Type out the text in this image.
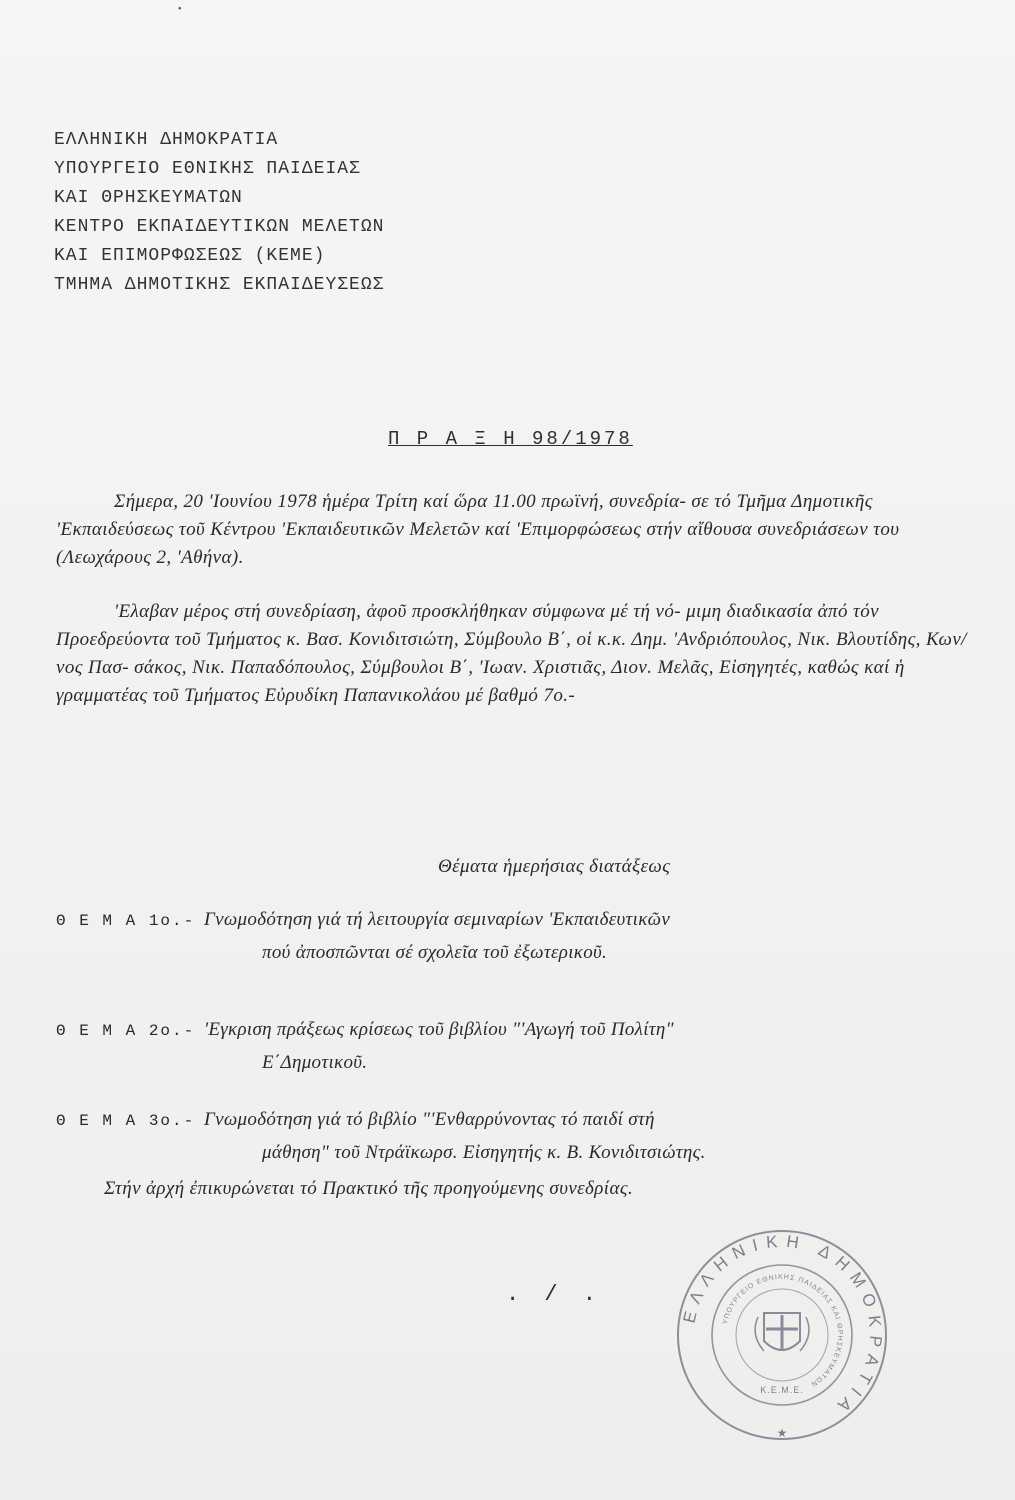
•
ΕΛΛΗΝΙΚΗ ΔΗΜΟΚΡΑΤΙΑ
ΥΠΟΥΡΓΕΙΟ ΕΘΝΙΚΗΣ ΠΑΙΔΕΙΑΣ
ΚΑΙ ΘΡΗΣΚΕΥΜΑΤΩΝ
ΚΕΝΤΡΟ ΕΚΠΑΙΔΕΥΤΙΚΩΝ ΜΕΛΕΤΩΝ
ΚΑΙ ΕΠΙΜΟΡΦΩΣΕΩΣ (ΚΕΜΕ)
ΤΜΗΜΑ ΔΗΜΟΤΙΚΗΣ ΕΚΠΑΙΔΕΥΣΕΩΣ
Π Ρ Α Ξ Η 98/1978
Σήμερα, 20 'Ιουνίου 1978 ἡμέρα Τρίτη καί ὥρα 11.00 πρωϊνή, συνεδρία- σε τό Τμῆμα Δημοτικῆς 'Εκπαιδεύσεως τοῦ Κέντρου 'Εκπαιδευτικῶν Μελετῶν καί 'Επιμορφώσεως στήν αἴθουσα συνεδριάσεων του (Λεωχάρους 2, 'Αθήνα).
'Ελαβαν μέρος στή συνεδρίαση, ἀφοῦ προσκλήθηκαν σύμφωνα μέ τή νό- μιμη διαδικασία ἀπό τόν Προεδρεύοντα τοῦ Τμήματος κ. Βασ. Κονιδιτσιώτη, Σύμβουλο Β΄, οἱ κ.κ. Δημ. 'Ανδριόπουλος, Νικ. Βλουτίδης, Κων/νος Πασ- σάκος, Νικ. Παπαδόπουλος, Σύμβουλοι Β΄, 'Ιωαν. Χριστιᾶς, Διον. Μελᾶς, Εἰσηγητές, καθώς καί ἡ γραμματέας τοῦ Τμήματος Εὐρυδίκη Παπανικολάου μέ βαθμό 7ο.-
Θέματα ἡμερήσιας διατάξεως
Θ Ε Μ Α 1ο.- Γνωμοδότηση γιά τή λειτουργία σεμιναρίων 'Εκπαιδευτικῶν
πού ἀποσπῶνται σέ σχολεῖα τοῦ ἐξωτερικοῦ.
Θ Ε Μ Α 2ο.- 'Εγκριση πράξεως κρίσεως τοῦ βιβλίου "'Αγωγή τοῦ Πολίτη"
Ε΄Δημοτικοῦ.
Θ Ε Μ Α 3ο.- Γνωμοδότηση γιά τό βιβλίο "'Ενθαρρύνοντας τό παιδί στή
μάθηση" τοῦ Ντράϊκωρσ. Εἰσηγητής κ. Β. Κονιδιτσιώτης.
Στήν ἀρχή ἐπικυρώνεται τό Πρακτικό τῆς προηγούμενης συνεδρίας.
. / .
ΕΛΛΗΝΙΚΗ ΔΗΜΟΚΡΑΤΙΑ
ΥΠΟΥΡΓΕΙΟ ΕΘΝΙΚΗΣ ΠΑΙΔΕΙΑΣ ΚΑΙ ΘΡΗΣΚΕΥΜΑΤΩΝ
Κ.Ε.Μ.Ε.
★
